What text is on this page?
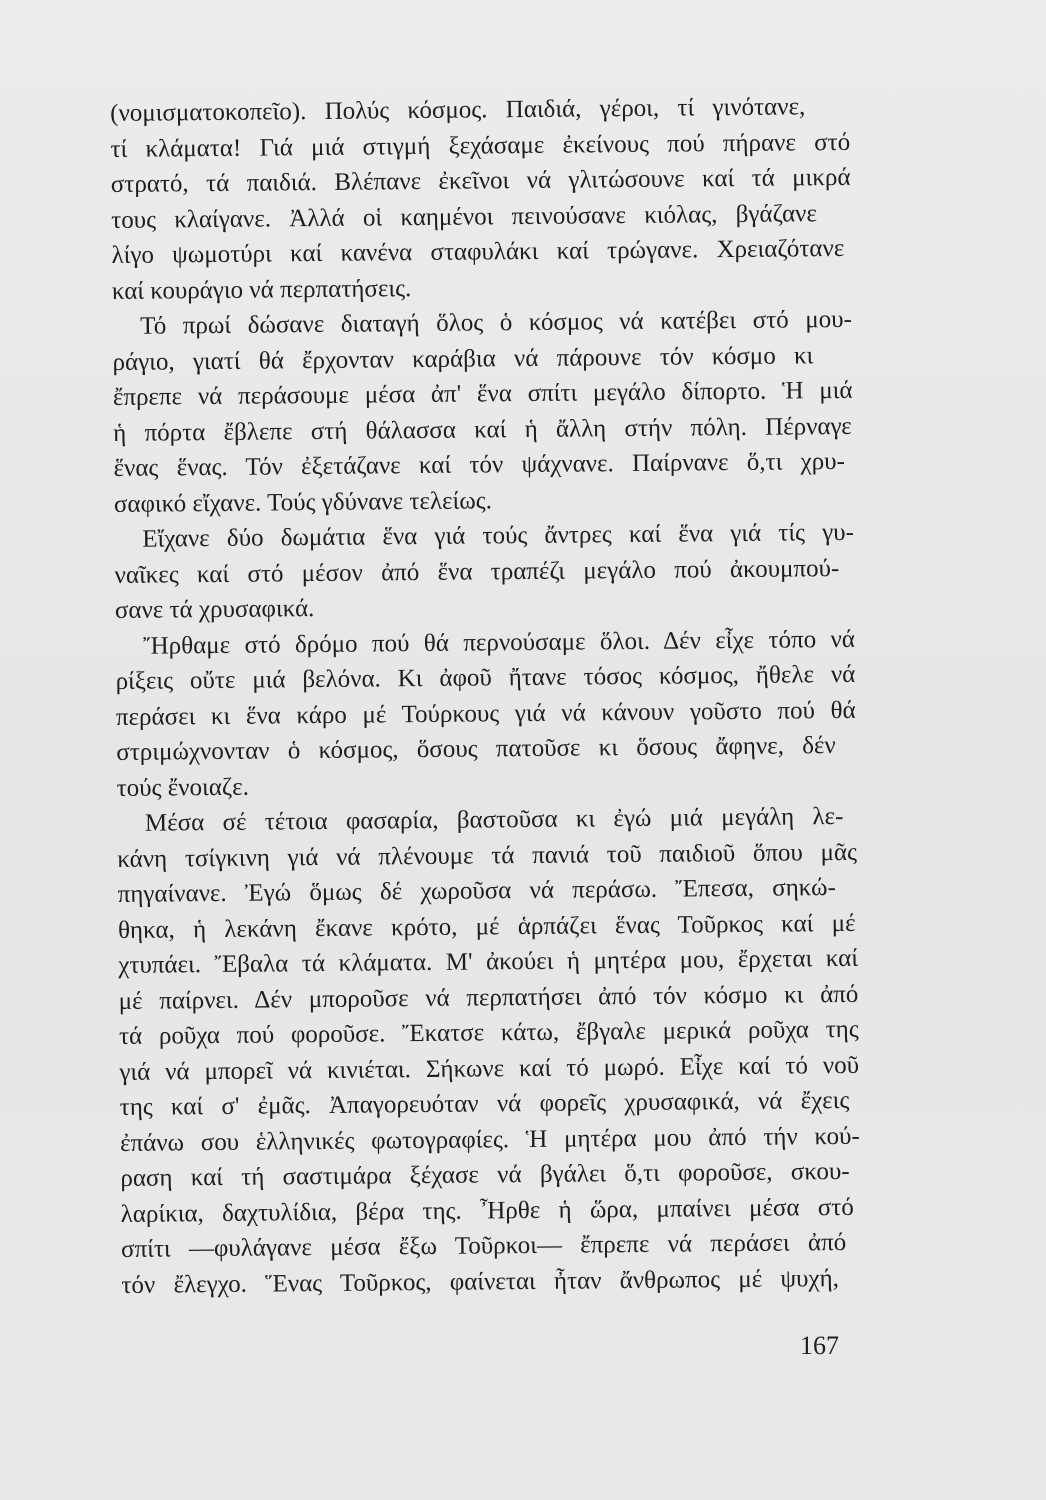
(νομισματοκοπεῖο). Πολύς κόσμος. Παιδιά, γέροι, τί γινότανε,
τί κλάματα! Γιά μιά στιγμή ξεχάσαμε ἐκείνους πού πήρανε στό
στρατό, τά παιδιά. Βλέπανε ἐκεῖνοι νά γλιτώσουνε καί τά μικρά
τους κλαίγανε. Ἀλλά οἱ καημένοι πεινούσανε κιόλας, βγάζανε
λίγο ψωμοτύρι καί κανένα σταφυλάκι καί τρώγανε. Χρειαζότανε
καί κουράγιο νά περπατήσεις.
Τό πρωί δώσανε διαταγή ὅλος ὁ κόσμος νά κατέβει στό μου-
ράγιο, γιατί θά ἔρχονταν καράβια νά πάρουνε τόν κόσμο κι
ἔπρεπε νά περάσουμε μέσα ἀπ' ἕνα σπίτι μεγάλο δίπορτο. Ἡ μιά
ἡ πόρτα ἔβλεπε στή θάλασσα καί ἡ ἄλλη στήν πόλη. Πέρναγε
ἕνας ἕνας. Τόν ἐξετάζανε καί τόν ψάχνανε. Παίρνανε ὅ,τι χρυ-
σαφικό εἴχανε. Τούς γδύνανε τελείως.
Εἴχανε δύο δωμάτια ἕνα γιά τούς ἄντρες καί ἕνα γιά τίς γυ-
ναῖκες καί στό μέσον ἀπό ἕνα τραπέζι μεγάλο πού ἀκουμπού-
σανε τά χρυσαφικά.
Ἤρθαμε στό δρόμο πού θά περνούσαμε ὅλοι. Δέν εἶχε τόπο νά
ρίξεις οὔτε μιά βελόνα. Κι ἀφοῦ ἤτανε τόσος κόσμος, ἤθελε νά
περάσει κι ἕνα κάρο μέ Τούρκους γιά νά κάνουν γοῦστο πού θά
στριμώχνονταν ὁ κόσμος, ὅσους πατοῦσε κι ὅσους ἄφηνε, δέν
τούς ἔνοιαζε.
Μέσα σέ τέτοια φασαρία, βαστοῦσα κι ἐγώ μιά μεγάλη λε-
κάνη τσίγκινη γιά νά πλένουμε τά πανιά τοῦ παιδιοῦ ὅπου μᾶς
πηγαίνανε. Ἐγώ ὅμως δέ χωροῦσα νά περάσω. Ἔπεσα, σηκώ-
θηκα, ἡ λεκάνη ἔκανε κρότο, μέ ἁρπάζει ἕνας Τοῦρκος καί μέ
χτυπάει. Ἔβαλα τά κλάματα. Μ' ἀκούει ἡ μητέρα μου, ἔρχεται καί
μέ παίρνει. Δέν μποροῦσε νά περπατήσει ἀπό τόν κόσμο κι ἀπό
τά ροῦχα πού φοροῦσε. Ἔκατσε κάτω, ἔβγαλε μερικά ροῦχα της
γιά νά μπορεῖ νά κινιέται. Σήκωνε καί τό μωρό. Εἶχε καί τό νοῦ
της καί σ' ἐμᾶς. Ἀπαγορευόταν νά φορεῖς χρυσαφικά, νά ἔχεις
ἐπάνω σου ἑλληνικές φωτογραφίες. Ἡ μητέρα μου ἀπό τήν κού-
ραση καί τή σαστιμάρα ξέχασε νά βγάλει ὅ,τι φοροῦσε, σκου-
λαρίκια, δαχτυλίδια, βέρα της. Ἦρθε ἡ ὥρα, μπαίνει μέσα στό
σπίτι —φυλάγανε μέσα ἔξω Τοῦρκοι— ἔπρεπε νά περάσει ἀπό
τόν ἔλεγχο. Ἕνας Τοῦρκος, φαίνεται ἦταν ἄνθρωπος μέ ψυχή,
167
